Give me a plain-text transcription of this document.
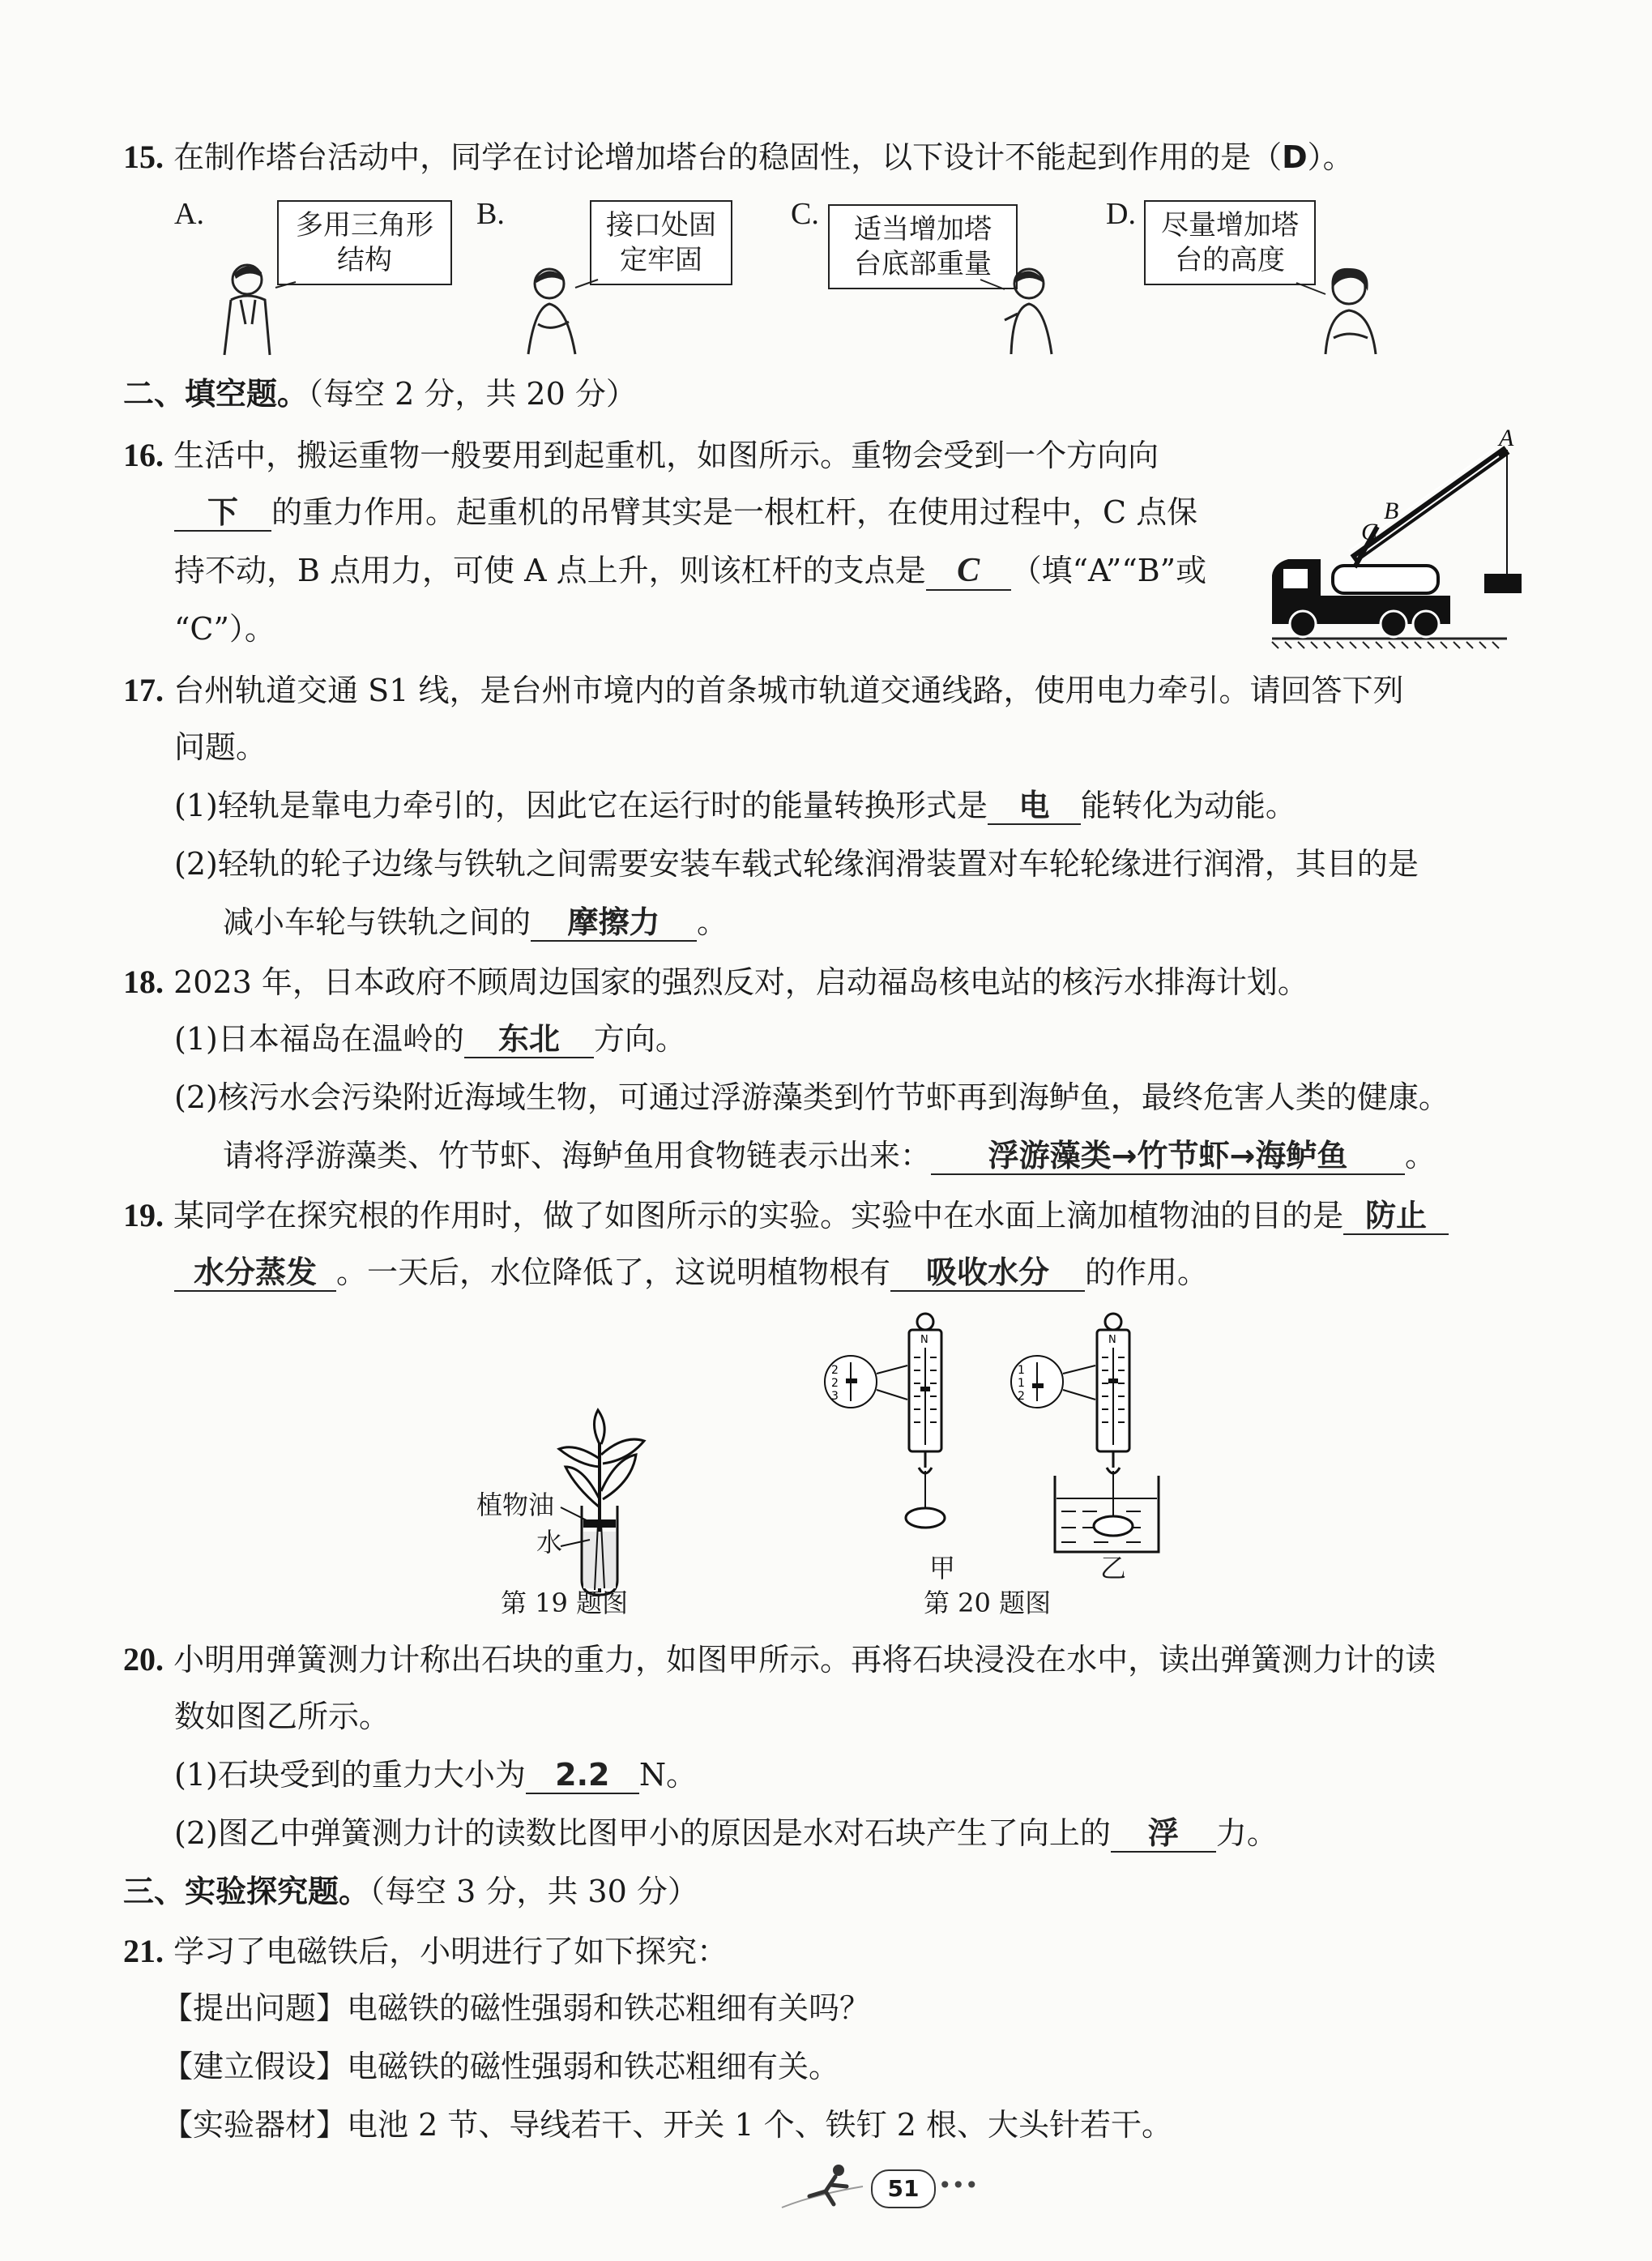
15. 在制作塔台活动中，同学在讨论增加塔台的稳固性，以下设计不能起到作用的是（D）。
A.	多用三角形
结构
B.	接口处固
定牢固
C.	适当增加塔
台底部重量
D. 尽量增加塔
台的高度
二、填空题。（每空 2 分，共 20 分）
16. 生活中，搬运重物一般要用到起重机，如图所示。重物会受到一个方向向
下 的重力作用。起重机的吊臂其实是一根杠杆，在使用过程中，C 点保
持不动，B 点用力，可使 A 点上升，则该杠杆的支点是 C （填“A”“B”或
“C”）。
A
B
C
17. 台州轨道交通 S1 线，是台州市境内的首条城市轨道交通线路，使用电力牵引。请回答下列
问题。
(1)轻轨是靠电力牵引的，因此它在运行时的能量转换形式是 电 能转化为动能。
(2)轻轨的轮子边缘与铁轨之间需要安装车载式轮缘润滑装置对车轮轮缘进行润滑，其目的是
减小车轮与铁轨之间的 摩擦力 。
18. 2023 年，日本政府不顾周边国家的强烈反对，启动福岛核电站的核污水排海计划。
(1)日本福岛在温岭的 东北 方向。
(2)核污水会污染附近海域生物，可通过浮游藻类到竹节虾再到海鲈鱼，最终危害人类的健康。
请将浮游藻类、竹节虾、海鲈鱼用食物链表示出来： 浮游藻类→竹节虾→海鲈鱼 。
19. 某同学在探究根的作用时，做了如图所示的实验。实验中在水面上滴加植物油的目的是 防止
水分蒸发 。一天后，水位降低了，这说明植物根有 吸收水分 的作用。
植物油
水
第 19 题图
2
2
3
N
1
1
2
N
甲	乙
第 20 题图
20. 小明用弹簧测力计称出石块的重力，如图甲所示。再将石块浸没在水中，读出弹簧测力计的读
数如图乙所示。
(1)石块受到的重力大小为 2.2 N。
(2)图乙中弹簧测力计的读数比图甲小的原因是水对石块产生了向上的 浮 力。
三、实验探究题。（每空 3 分，共 30 分）
21. 学习了电磁铁后，小明进行了如下探究：
【提出问题】电磁铁的磁性强弱和铁芯粗细有关吗？
【建立假设】电磁铁的磁性强弱和铁芯粗细有关。
【实验器材】电池 2 节、导线若干、开关 1 个、铁钉 2 根、大头针若干。
51 •••
